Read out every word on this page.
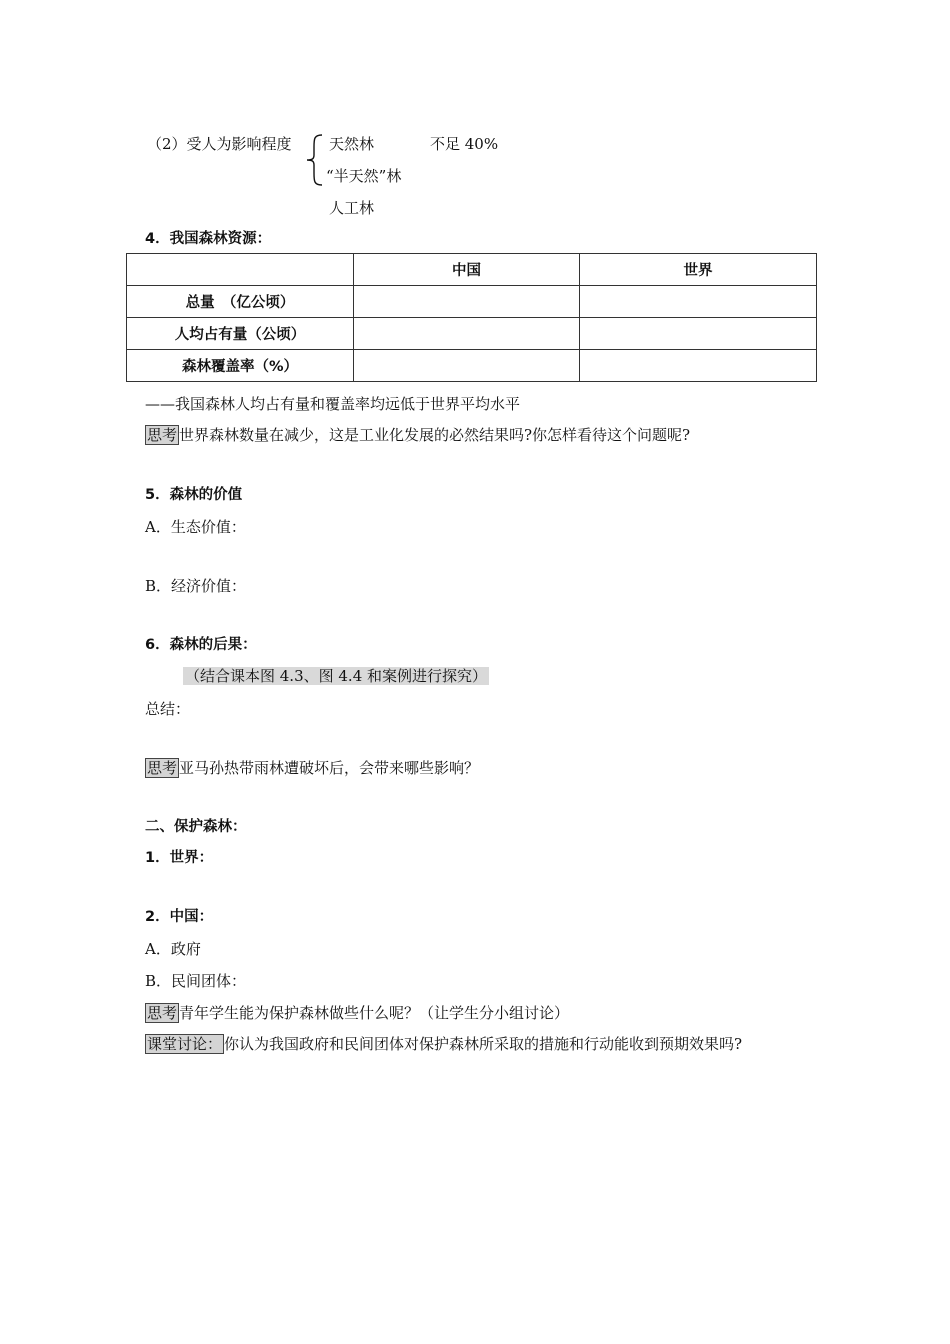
（2）受人为影响程度 天然林	不足 40%
“半天然”林
人工林
4．我国森林资源：
	中国	世界
总量　（亿公顷）		
人均占有量（公顷）		
森林覆盖率（%）		
——我国森林人均占有量和覆盖率均远低于世界平均水平
思考 世界森林数量在减少，这是工业化发展的必然结果吗?你怎样看待这个问题呢?
5．森林的价值
A．生态价值：
B．经济价值：
6．森林的后果：
（结合课本图 4.3、图 4.4 和案例进行探究）
总结：
思考 亚马孙热带雨林遭破坏后，会带来哪些影响？
二、保护森林：
1．世界：
2．中国：
A．政府
B．民间团体：
思考 青年学生能为保护森林做些什么呢？（让学生分小组讨论）
课堂讨论： 你认为我国政府和民间团体对保护森林所采取的措施和行动能收到预期效果吗?
